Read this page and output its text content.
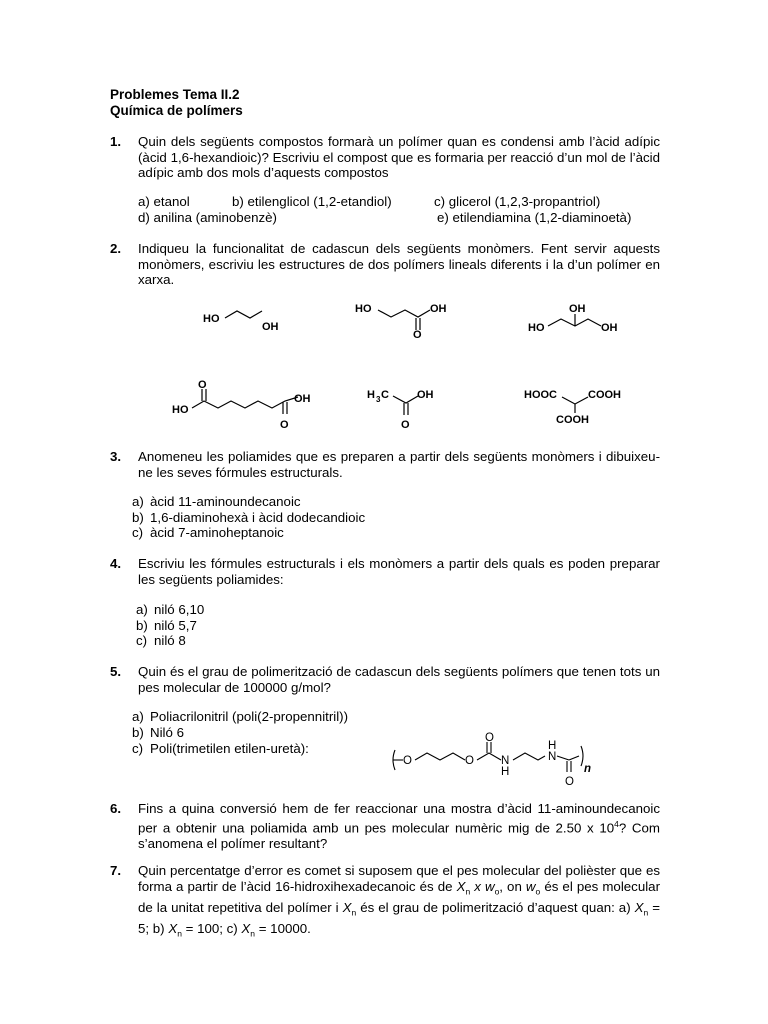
Problemes Tema II.2
Química de polímers
1. Quin dels següents compostos formarà un polímer quan es condensi amb l’àcid adípic (àcid 1,6-hexandioic)? Escriviu el compost que es formaria per reacció d’un mol de l’àcid adípic amb dos mols d’aquests compostos
a) etanol	b) etilenglicol (1,2-etandiol)	c) glicerol (1,2,3-propantriol)
d) anilina (aminobenzè)	e) etilendiamina (1,2-diaminoetà)
2. Indiqueu la funcionalitat de cadascun dels següents monòmers. Fent servir aquests monòmers, escriviu les estructures de dos polímers lineals diferents i la d’un polímer en xarxa.
HO
OH
HO	OH
O
OH
HO	OH
O
HO
OH
O
H 3 C	OH
O
HOOC	COOH
COOH
3. Anomeneu les poliamides que es preparen a partir dels següents monòmers i dibuixeu-ne les seves fórmules estructurals.
a) àcid 11-aminoundecanoic
b) 1,6-diaminohexà i àcid dodecandioic
c) àcid 7-aminoheptanoic
4. Escriviu les fórmules estructurals i els monòmers a partir dels quals es poden preparar les següents poliamides:
a) niló 6,10
b) niló 5,7
c) niló 8
5. Quin és el grau de polimerització de cadascun dels següents polímers que tenen tots un pes molecular de 100000 g/mol?
a) Poliacrilonitril (poli(2-propennitril))
b) Niló 6
c) Poli(trimetilen etilen-uretà):
O	O
O
N
H
N
H
O
n
6. Fins a quina conversió hem de fer reaccionar una mostra d’àcid 11-aminoundecanoic per a obtenir una poliamida amb un pes molecular numèric mig de 2.50 x $10^4$? Com s’anomena el polímer resultant?
7. Quin percentatge d’error es comet si suposem que el pes molecular del polièster que es forma a partir de l’àcid 16-hidroxihexadecanoic és de $X_n$ x $w_o$, on $w_o$ és el pes molecular de la unitat repetitiva del polímer i $X_n$ és el grau de polimerització d’aquest quan: a) $X_n = 5$; b) $X_n = 100$; c) $X_n = 10000$.
